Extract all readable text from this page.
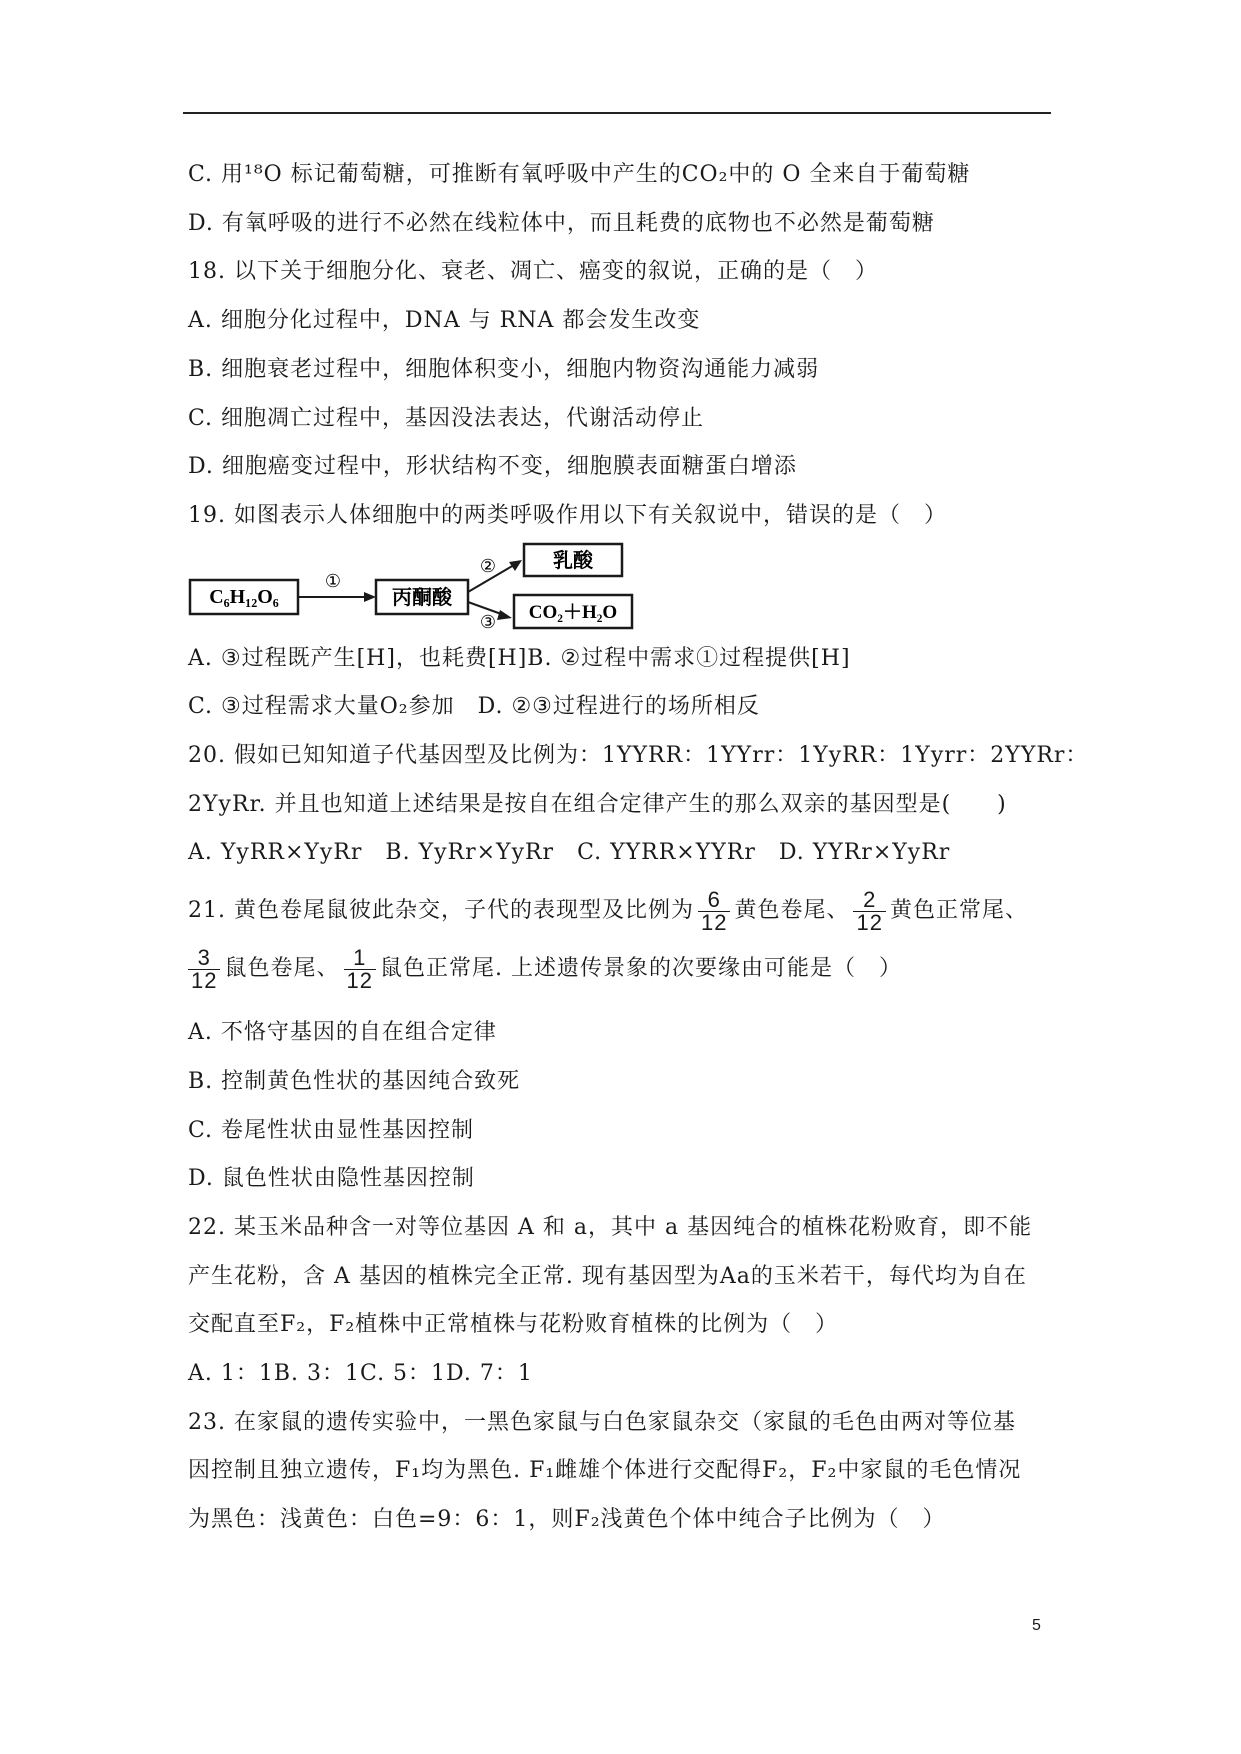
C. 用¹⁸O 标记葡萄糖，可推断有氧呼吸中产生的CO₂中的 O 全来自于葡萄糖
D. 有氧呼吸的进行不必然在线粒体中，而且耗费的底物也不必然是葡萄糖
18. 以下关于细胞分化、衰老、凋亡、癌变的叙说，正确的是（　）
A. 细胞分化过程中，DNA 与 RNA 都会发生改变
B. 细胞衰老过程中，细胞体积变小，细胞内物资沟通能力减弱
C. 细胞凋亡过程中，基因没法表达，代谢活动停止
D. 细胞癌变过程中，形状结构不变，细胞膜表面糖蛋白增添
19. 如图表示人体细胞中的两类呼吸作用以下有关叙说中，错误的是（　）
C₆H₁₂O₆
①
丙酮酸
②
③
乳酸
CO₂＋H₂O
A. ③过程既产生[H]，也耗费[H]B. ②过程中需求①过程提供[H]
C. ③过程需求大量O₂参加　D. ②③过程进行的场所相反
20. 假如已知知道子代基因型及比例为：1YYRR：1YYrr：1YyRR：1Yyrr：2YYRr：
2YyRr. 并且也知道上述结果是按自在组合定律产生的那么双亲的基因型是(　　)
A. YyRR×YyRr　B. YyRr×YyRr　C. YYRR×YYRr　D. YYRr×YyRr
21. 黄色卷尾鼠彼此杂交，子代的表现型及比例为 $\frac{6}{12}$ 黄色卷尾、 $\frac{2}{12}$ 黄色正常尾、
$\frac{3}{12}$ 鼠色卷尾、 $\frac{1}{12}$ 鼠色正常尾. 上述遗传景象的次要缘由可能是（　）
A. 不恪守基因的自在组合定律
B. 控制黄色性状的基因纯合致死
C. 卷尾性状由显性基因控制
D. 鼠色性状由隐性基因控制
22. 某玉米品种含一对等位基因 A 和 a，其中 a 基因纯合的植株花粉败育，即不能
产生花粉，含 A 基因的植株完全正常. 现有基因型为Aa的玉米若干，每代均为自在
交配直至F₂，F₂植株中正常植株与花粉败育植株的比例为（　）
A. 1：1B. 3：1C. 5：1D. 7：1
23. 在家鼠的遗传实验中，一黑色家鼠与白色家鼠杂交（家鼠的毛色由两对等位基
因控制且独立遗传，F₁均为黑色. F₁雌雄个体进行交配得F₂，F₂中家鼠的毛色情况
为黑色：浅黄色：白色=9：6：1，则F₂浅黄色个体中纯合子比例为（　）
5
